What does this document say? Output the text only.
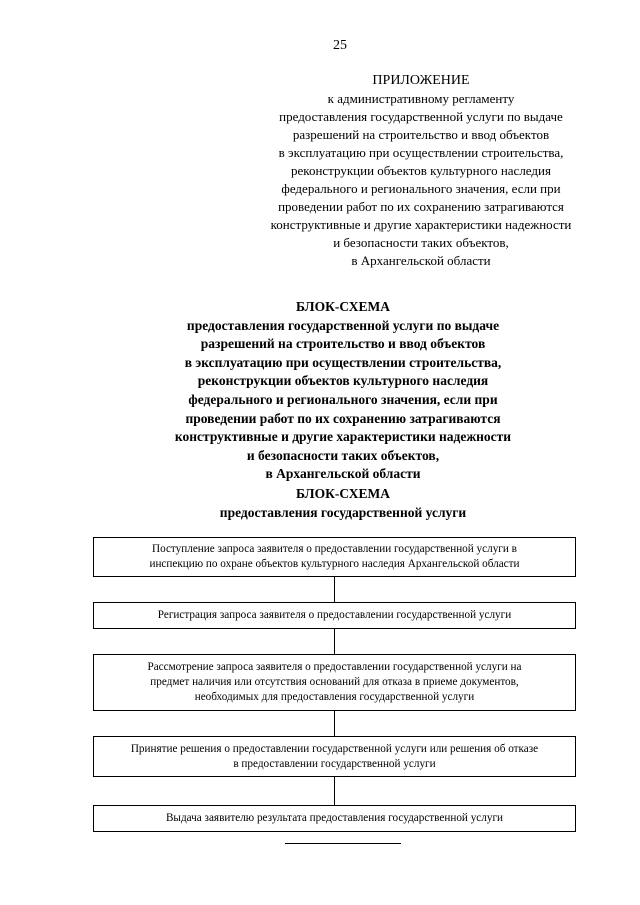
25
ПРИЛОЖЕНИЕ
к административному регламенту
предоставления государственной услуги по выдаче
разрешений на строительство и ввод объектов
в эксплуатацию при осуществлении строительства,
реконструкции объектов культурного наследия
федерального и регионального значения, если при
проведении работ по их сохранению затрагиваются
конструктивные и другие характеристики надежности
и безопасности таких объектов,
в Архангельской области
БЛОК-СХЕМА
предоставления государственной услуги по выдаче
разрешений на строительство и ввод объектов
в эксплуатацию при осуществлении строительства,
реконструкции объектов культурного наследия
федерального и регионального значения, если при
проведении работ по их сохранению затрагиваются
конструктивные и другие характеристики надежности
и безопасности таких объектов,
в Архангельской области
БЛОК-СХЕМА
предоставления государственной услуги
Поступление запроса заявителя о предоставлении государственной услуги в
инспекцию по охране объектов культурного наследия Архангельской области
Регистрация запроса заявителя о предоставлении государственной услуги
Рассмотрение запроса заявителя о предоставлении государственной услуги на
предмет наличия или отсутствия оснований для отказа в приеме документов,
необходимых для предоставления государственной услуги
Принятие решения о предоставлении государственной услуги или решения об отказе
в предоставлении государственной услуги
Выдача заявителю результата предоставления государственной услуги
